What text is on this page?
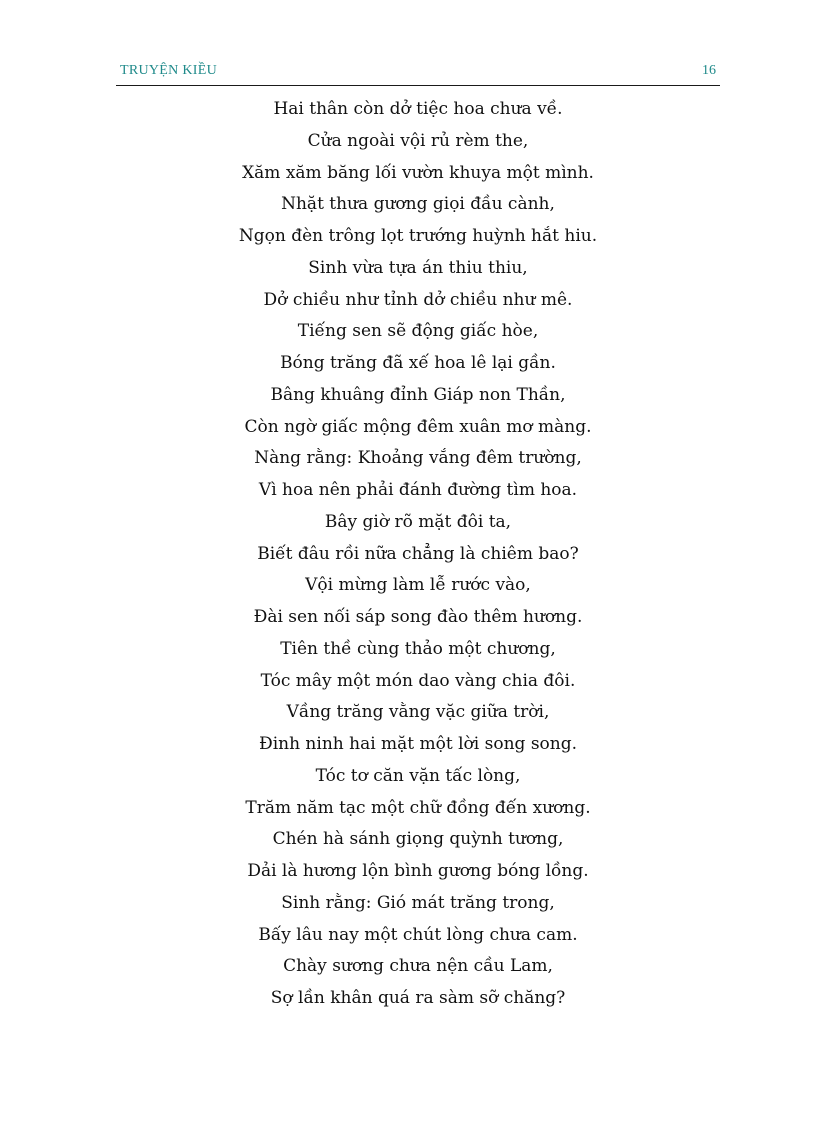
TRUYỆN KIỀU	16
Hai thân còn dở tiệc hoa chưa về.
Cửa ngoài vội rủ rèm the,
Xăm xăm băng lối vườn khuya một mình.
Nhặt thưa gương giọi đầu cành,
Ngọn đèn trông lọt trướng huỳnh hắt hiu.
Sinh vừa tựa án thiu thiu,
Dở chiều như tỉnh dở chiều như mê.
Tiếng sen sẽ động giấc hòe,
Bóng trăng đã xế hoa lê lại gần.
Bâng khuâng đỉnh Giáp non Thần,
Còn ngờ giấc mộng đêm xuân mơ màng.
Nàng rằng: Khoảng vắng đêm trường,
Vì hoa nên phải đánh đường tìm hoa.
Bây giờ rõ mặt đôi ta,
Biết đâu rồi nữa chẳng là chiêm bao?
Vội mừng làm lễ rước vào,
Đài sen nối sáp song đào thêm hương.
Tiên thề cùng thảo một chương,
Tóc mây một món dao vàng chia đôi.
Vầng trăng vằng vặc giữa trời,
Đinh ninh hai mặt một lời song song.
Tóc tơ căn vặn tấc lòng,
Trăm năm tạc một chữ đồng đến xương.
Chén hà sánh giọng quỳnh tương,
Dải là hương lộn bình gương bóng lồng.
Sinh rằng: Gió mát trăng trong,
Bấy lâu nay một chút lòng chưa cam.
Chày sương chưa nện cầu Lam,
Sợ lần khân quá ra sàm sỡ chăng?
